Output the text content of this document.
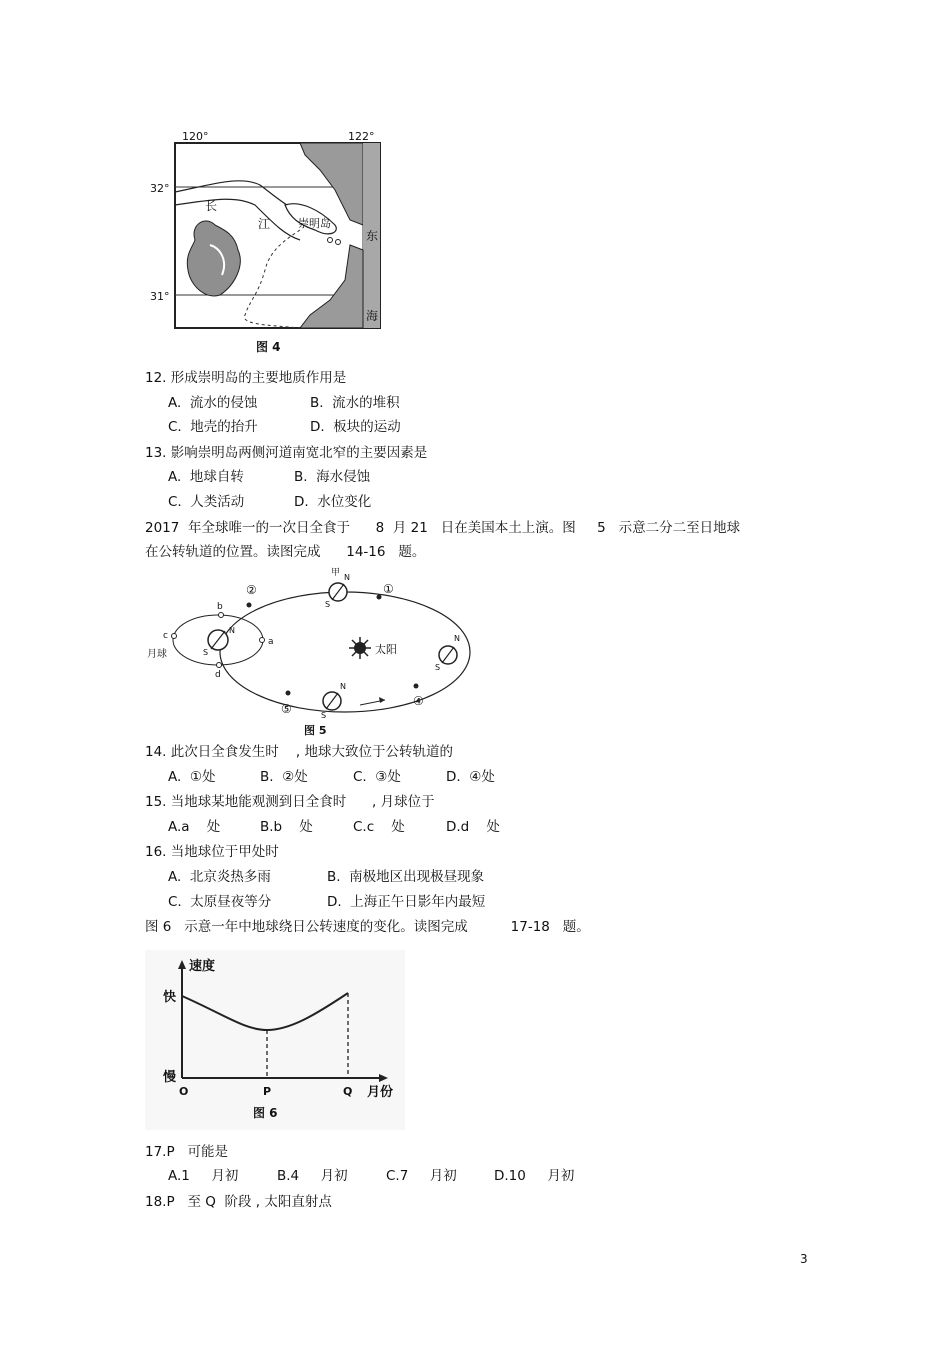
120°	122°
32°
31°
长
江	崇明岛
东
海
图 4
12. 形成崇明岛的主要地质作用是
A.  流水的侵蚀	B.  流水的堆积
C.  地壳的抬升	D.  板块的运动
13. 影响崇明岛两侧河道南宽北窄的主要因素是
A.  地球自转	B.  海水侵蚀
C.  人类活动	D.  水位变化
2017  年全球唯一的一次日全食于      8  月 21   日在美国本土上演。图     5   示意二分二至日地球
在公转轨道的位置。读图完成      14-16   题。
太阳
N
S
甲 N
S
N
S
N
S
②	①
④
⑤
a
b
c
d
月球
图 5
14. 此次日全食发生时    , 地球大致位于公转轨道的
A.  ①处	B.  ②处	C.  ③处	D.  ④处
15. 当地球某地能观测到日全食时      , 月球位于
A.a    处	B.b    处	C.c    处	D.d    处
16. 当地球位于甲处时
A.  北京炎热多雨	B.  南极地区出现极昼现象
C.  太原昼夜等分	D.  上海正午日影年内最短
图 6   示意一年中地球绕日公转速度的变化。读图完成          17-18   题。
速度
快
慢
O	P	Q 月份
图 6
17.P   可能是
A.1     月初	B.4     月初	C.7     月初	D.10     月初
18.P   至 Q  阶段 , 太阳直射点
3
